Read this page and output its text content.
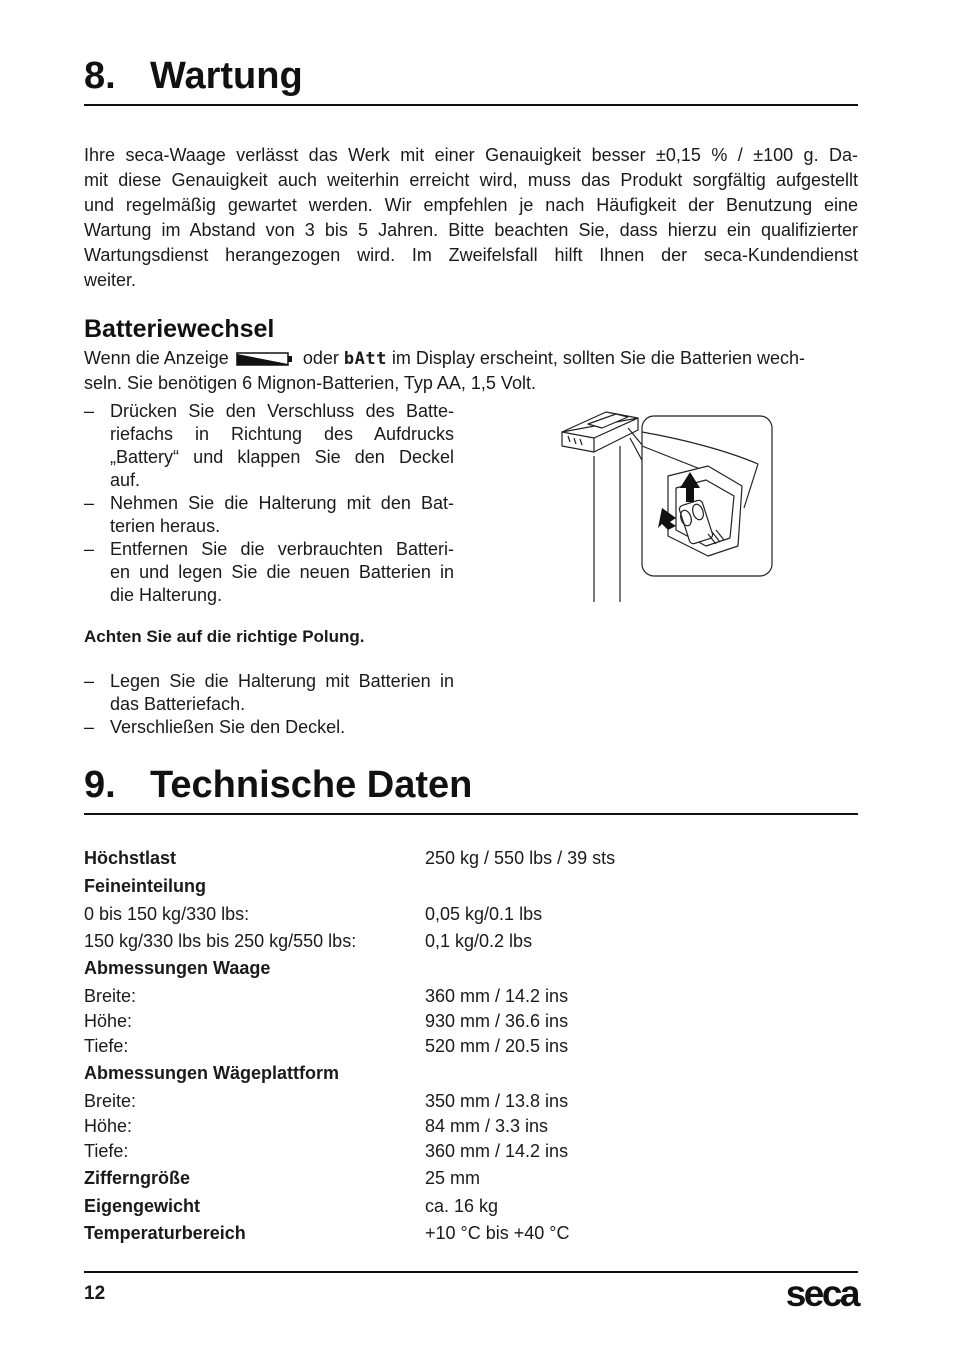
8. Wartung
Ihre seca-Waage verlässt das Werk mit einer Genauigkeit besser ±0,15 % / ±100 g. Da-
mit diese Genauigkeit auch weiterhin erreicht wird, muss das Produkt sorgfältig aufgestellt
und regelmäßig gewartet werden. Wir empfehlen je nach Häufigkeit der Benutzung eine
Wartung im Abstand von 3 bis 5 Jahren. Bitte beachten Sie, dass hierzu ein qualifizierter
Wartungsdienst herangezogen wird. Im Zweifelsfall hilft Ihnen der seca-Kundendienst
weiter.
Batteriewechsel
Wenn die Anzeige	oder bAtt im Display erscheint, sollten Sie die Batterien wech-
seln. Sie benötigen 6 Mignon-Batterien, Typ AA, 1,5 Volt.
– Drücken Sie den Verschluss des Batte-
riefachs in Richtung des Aufdrucks
„Battery“ und klappen Sie den Deckel
auf.
– Nehmen Sie die Halterung mit den Bat-
terien heraus.
– Entfernen Sie die verbrauchten Batteri-
en und legen Sie die neuen Batterien in
die Halterung.
Achten Sie auf die richtige Polung.
– Legen Sie die Halterung mit Batterien in
das Batteriefach.
– Verschließen Sie den Deckel.
9. Technische Daten
Höchstlast	250 kg / 550 lbs / 39 sts
Feineinteilung
0 bis 150 kg/330 lbs:	0,05 kg/0.1 lbs
150 kg/330 lbs bis 250 kg/550 lbs:	0,1 kg/0.2 lbs
Abmessungen Waage
Breite:	360 mm / 14.2 ins
Höhe:	930 mm / 36.6 ins
Tiefe:	520 mm / 20.5 ins
Abmessungen Wägeplattform
Breite:	350 mm / 13.8 ins
Höhe:	84 mm / 3.3 ins
Tiefe:	360 mm / 14.2 ins
Zifferngröße	25 mm
Eigengewicht	ca. 16 kg
Temperaturbereich	+10 °C bis +40 °C
12	seca
